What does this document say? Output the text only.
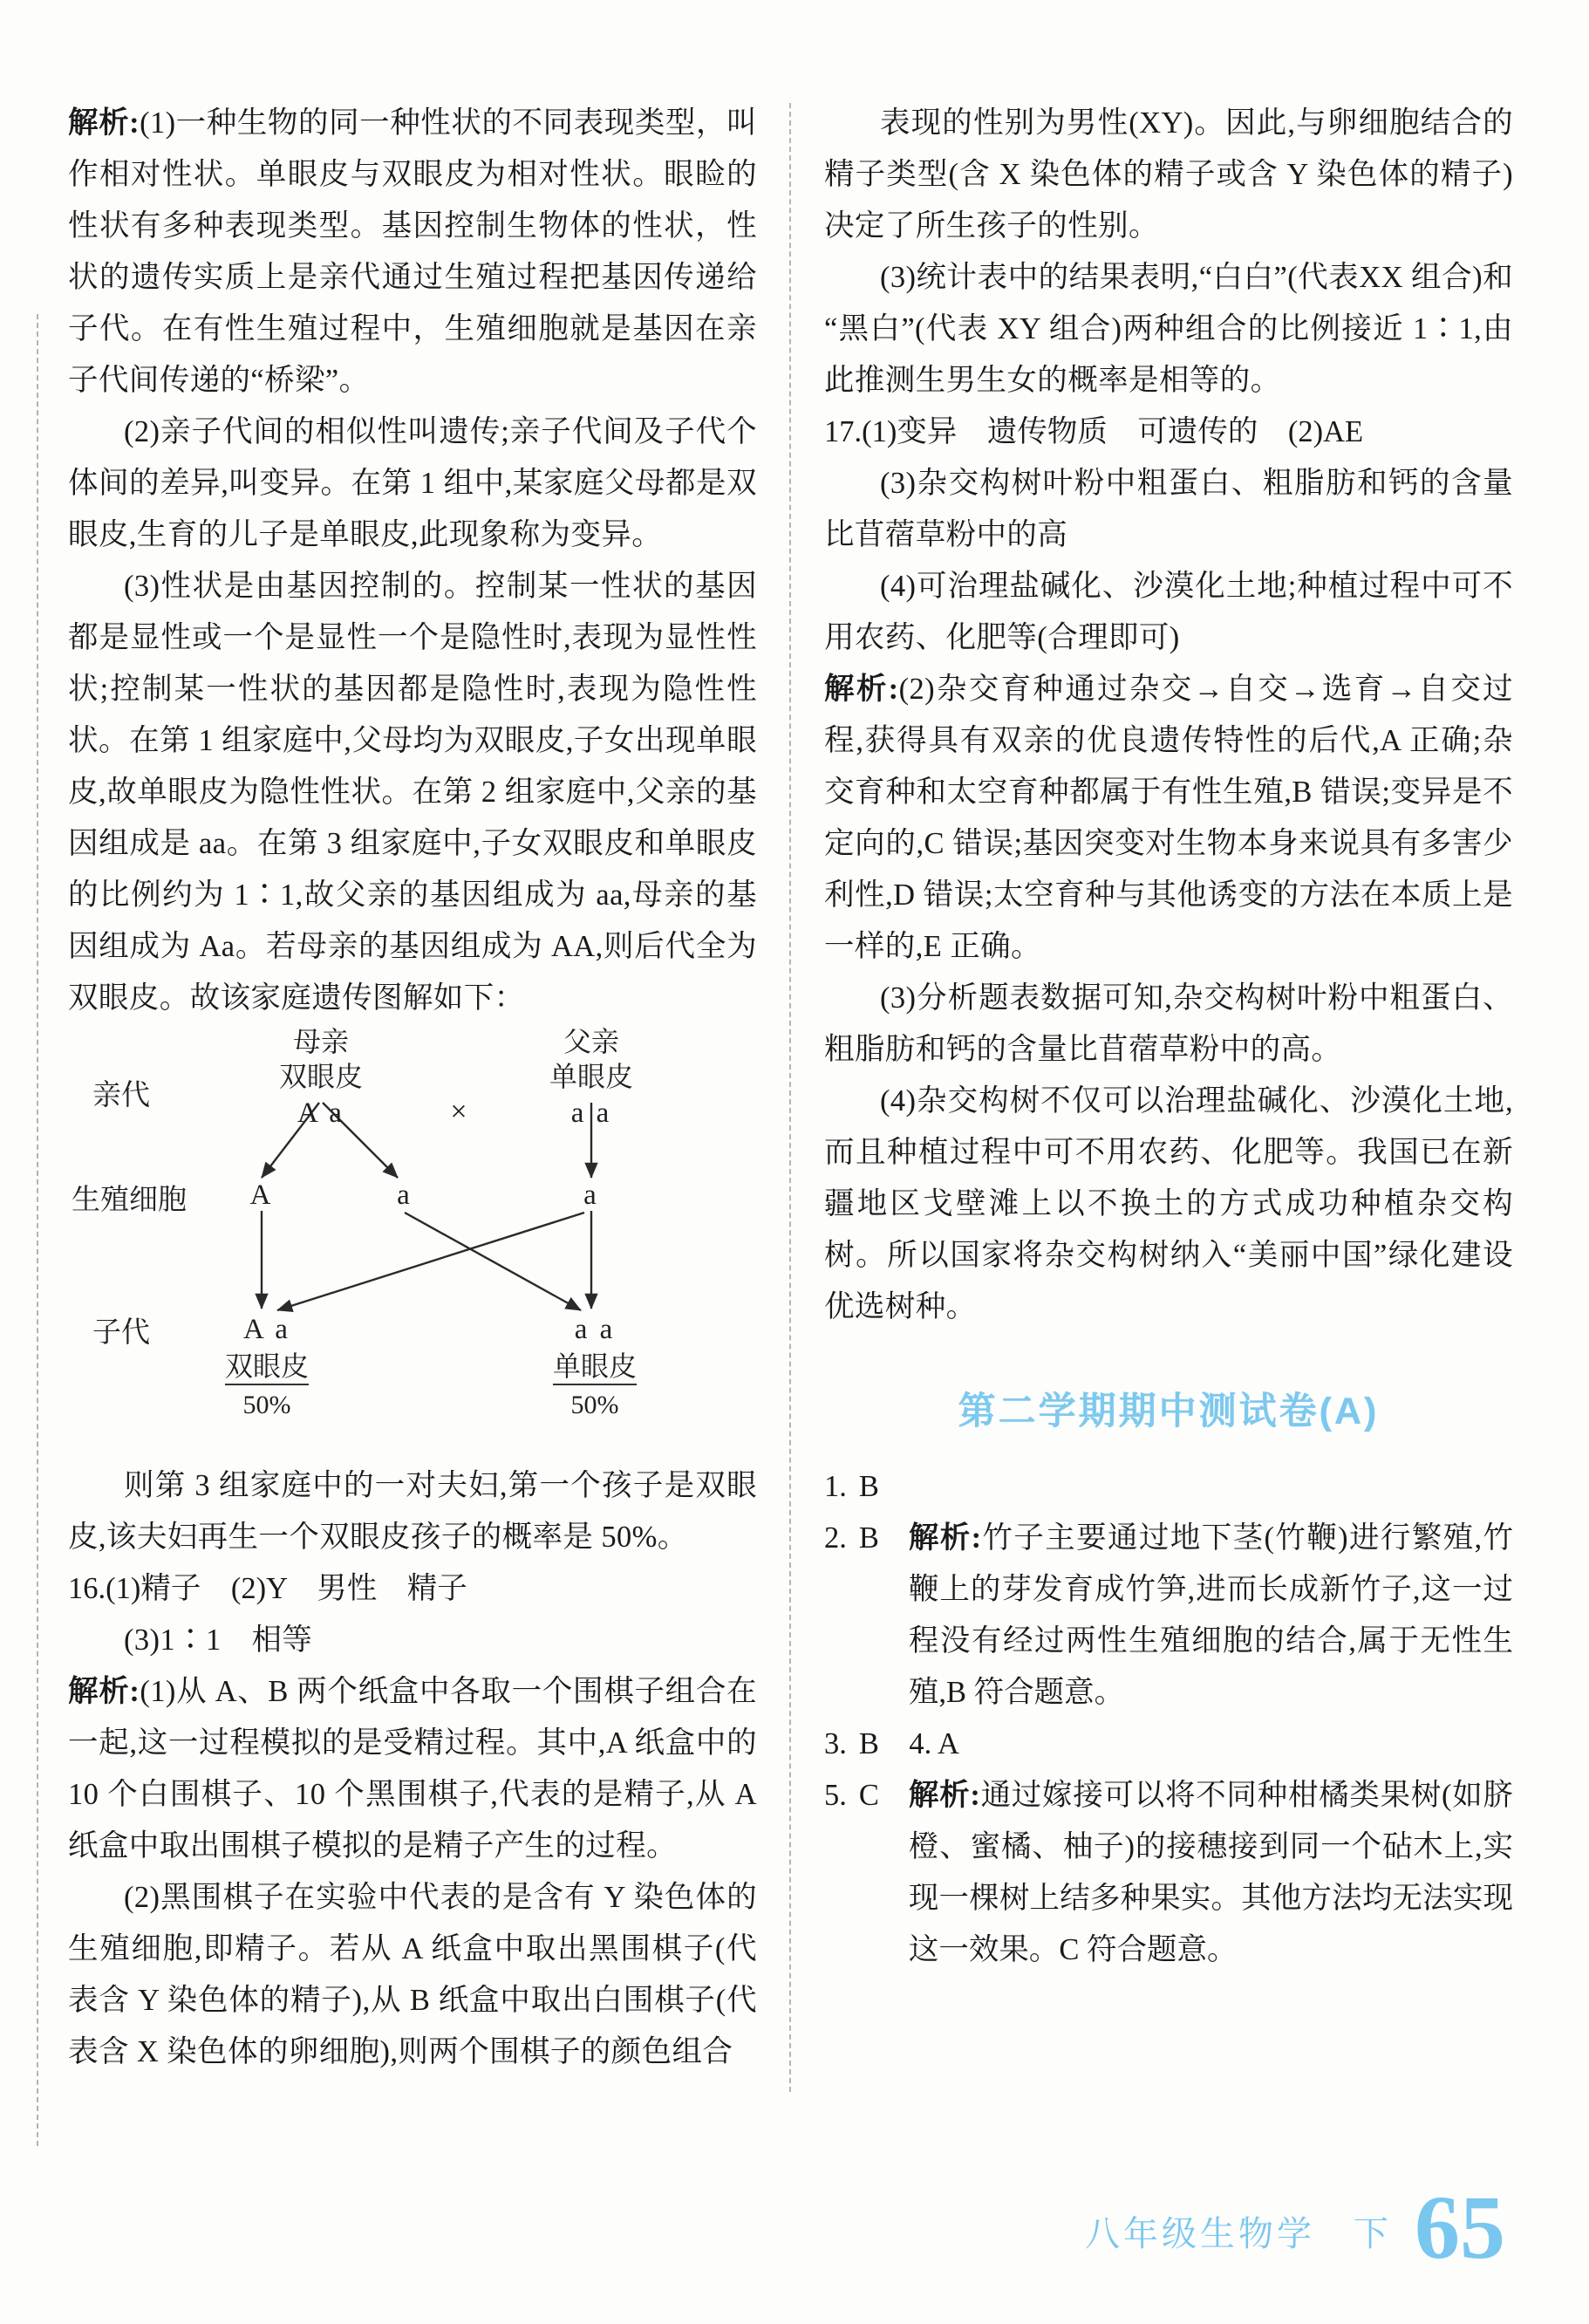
解析:(1)一种生物的同一种性状的不同表现类型，叫作相对性状。单眼皮与双眼皮为相对性状。眼睑的性状有多种表现类型。基因控制生物体的性状，性状的遗传实质上是亲代通过生殖过程把基因传递给子代。在有性生殖过程中，生殖细胞就是基因在亲子代间传递的“桥梁”。

(2)亲子代间的相似性叫遗传;亲子代间及子代个体间的差异,叫变异。在第 1 组中,某家庭父母都是双眼皮,生育的儿子是单眼皮,此现象称为变异。

(3)性状是由基因控制的。控制某一性状的基因都是显性或一个是显性一个是隐性时,表现为显性性状;控制某一性状的基因都是隐性时,表现为隐性性状。在第 1 组家庭中,父母均为双眼皮,子女出现单眼皮,故单眼皮为隐性性状。在第 2 组家庭中,父亲的基因组成是 aa。在第 3 组家庭中,子女双眼皮和单眼皮的比例约为 1∶1,故父亲的基因组成为 aa,母亲的基因组成为 Aa。若母亲的基因组成为 AA,则后代全为双眼皮。故该家庭遗传图解如下：

亲代
生殖细胞
子代
母亲
双眼皮
A a	×
父亲
单眼皮
a a
A	a	a
A a
双眼皮
50%
a a
单眼皮
50%

则第 3 组家庭中的一对夫妇,第一个孩子是双眼皮,该夫妇再生一个双眼皮孩子的概率是 50%。

16. (1)精子　(2)Y　男性　精子

(3)1∶1　相等

解析:(1)从 A、B 两个纸盒中各取一个围棋子组合在一起,这一过程模拟的是受精过程。其中,A 纸盒中的 10 个白围棋子、10 个黑围棋子,代表的是精子,从 A 纸盒中取出围棋子模拟的是精子产生的过程。

(2)黑围棋子在实验中代表的是含有 Y 染色体的生殖细胞,即精子。若从 A 纸盒中取出黑围棋子(代表含 Y 染色体的精子),从 B 纸盒中取出白围棋子(代表含 X 染色体的卵细胞),则两个围棋子的颜色组合

表现的性别为男性(XY)。因此,与卵细胞结合的精子类型(含 X 染色体的精子或含 Y 染色体的精子)决定了所生孩子的性别。

(3)统计表中的结果表明,“白白”(代表XX 组合)和“黑白”(代表 XY 组合)两种组合的比例接近 1∶1,由此推测生男生女的概率是相等的。

17. (1)变异　遗传物质　可遗传的　(2)AE

(3)杂交构树叶粉中粗蛋白、粗脂肪和钙的含量比苜蓿草粉中的高

(4)可治理盐碱化、沙漠化土地;种植过程中可不用农药、化肥等(合理即可)

解析:(2)杂交育种通过杂交→自交→选育→自交过程,获得具有双亲的优良遗传特性的后代,A 正确;杂交育种和太空育种都属于有性生殖,B 错误;变异是不定向的,C 错误;基因突变对生物本身来说具有多害少利性,D 错误;太空育种与其他诱变的方法在本质上是一样的,E 正确。

(3)分析题表数据可知,杂交构树叶粉中粗蛋白、粗脂肪和钙的含量比苜蓿草粉中的高。

(4)杂交构树不仅可以治理盐碱化、沙漠化土地,而且种植过程中可不用农药、化肥等。我国已在新疆地区戈壁滩上以不换土的方式成功种植杂交构树。所以国家将杂交构树纳入“美丽中国”绿化建设优选树种。

第二学期期中测试卷(A)
1. B
2. B 解析:竹子主要通过地下茎(竹鞭)进行繁殖,竹鞭上的芽发育成竹笋,进而长成新竹子,这一过程没有经过两性生殖细胞的结合,属于无性生殖,B 符合题意。
3. B　4. A
5. C 解析:通过嫁接可以将不同种柑橘类果树(如脐橙、蜜橘、柚子)的接穗接到同一个砧木上,实现一棵树上结多种果实。其他方法均无法实现这一效果。C 符合题意。
八年级生物学　下 65
